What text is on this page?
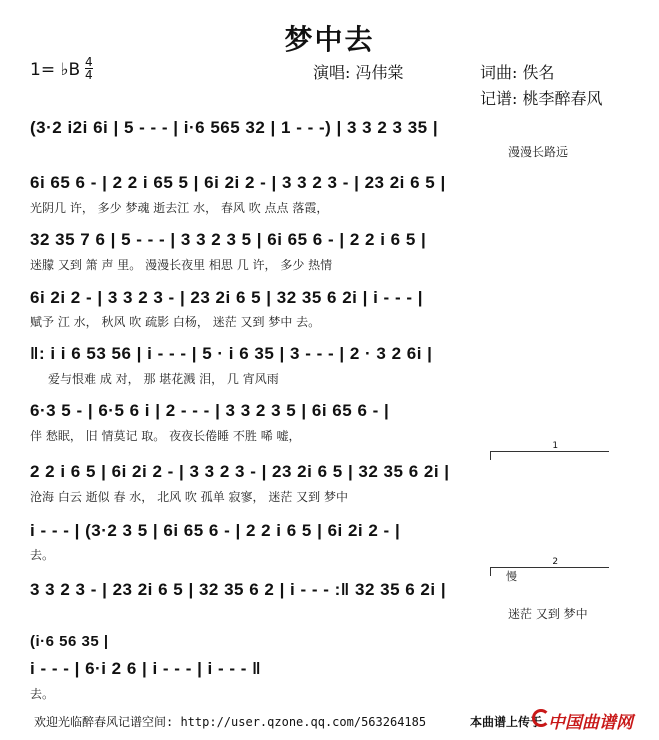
梦中去
1= ♭B 4
4	演唱: 冯伟棠	词曲: 佚名
记谱: 桃李醉春风
(3·2 i2i 6i | 5 - - - | i·6 565 32 | 1 - - -) | 3 3 2 3 35 |
漫漫长路远
6i 65 6 - | 2 2 i 65 5 | 6i 2i 2 - | 3 3 2 3 - | 23 2i 6 5 |
光阴几 许， 多少 梦魂 逝去江 水， 春风 吹 点点 落霞，
32 35 7 6 | 5 - - - | 3 3 2 3 5 | 6i 65 6 - | 2 2 i 6 5 |
迷朦 又到 箫 声 里。 漫漫长夜里 相思 几 许， 多少 热情
6i 2i 2 - | 3 3 2 3 - | 23 2i 6 5 | 32 35 6 2i | i - - - |
赋予 江 水， 秋风 吹 疏影 白杨， 迷茫 又到 梦中 去。
‖: i i 6 53 56 | i - - - | 5 · i 6 35 | 3 - - - | 2 · 3 2 6i |
爱与恨难 成 对， 那 堪花溅 泪， 几 宵风雨
6·3 5 - | 6·5 6 i | 2 - - - | 3 3 2 3 5 | 6i 65 6 - |
伴 愁眠， 旧 情莫记 取。 夜夜长倦睡 不胜 唏 嘘，
1
2 2 i 6 5 | 6i 2i 2 - | 3 3 2 3 - | 23 2i 6 5 | 32 35 6 2i |
沧海 白云 逝似 春 水， 北风 吹 孤单 寂寥， 迷茫 又到 梦中
i - - - | (3·2 3 5 | 6i 65 6 - | 2 2 i 6 5 | 6i 2i 2 - |
去。	2
慢
3 3 2 3 - | 23 2i 6 5 | 32 35 6 2 | i - - - :‖ 32 35 6 2i |
迷茫 又到 梦中
(i·6 56 35 |
i - - - | 6·i 2 6 | i - - - | i - - - ‖
去。
欢迎光临醉春风记谱空间: http://user.qzone.qq.com/563264185	本曲谱上传于 中国曲谱网
